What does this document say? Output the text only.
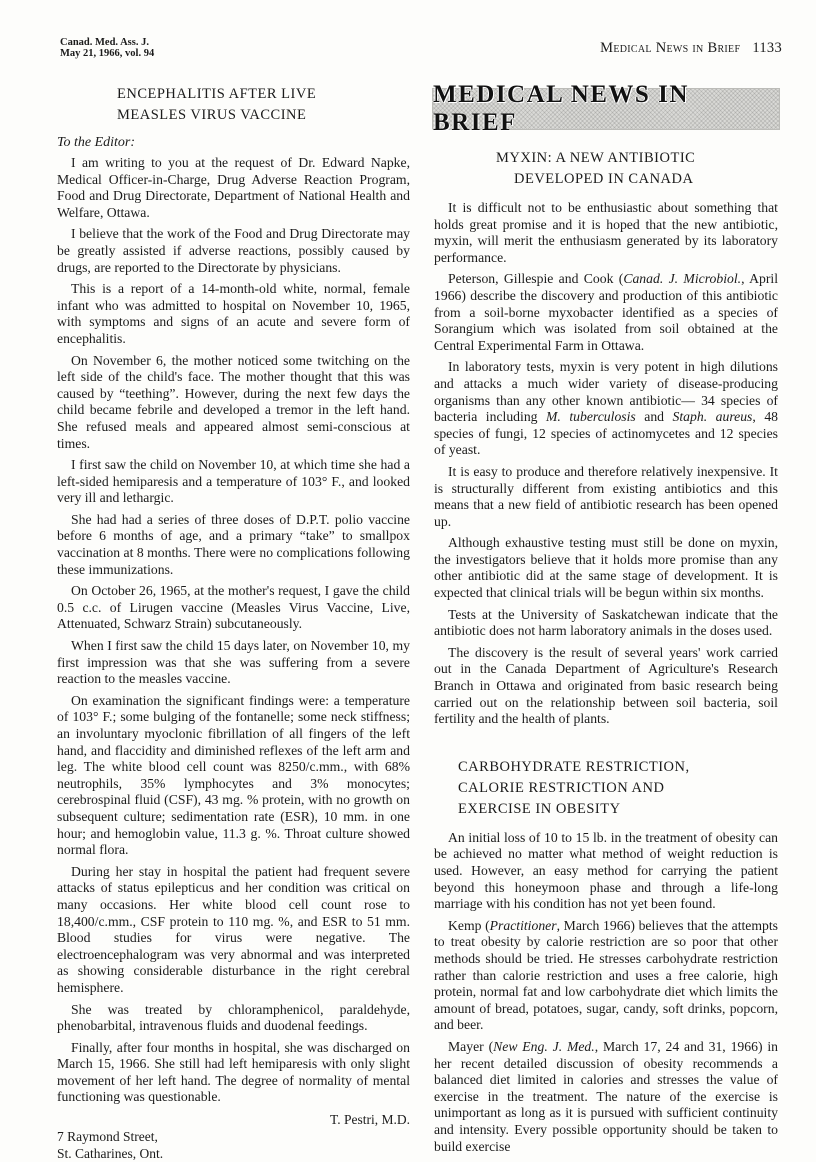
Canad. Med. Ass. J.
May 21, 1966, vol. 94	Medical News in Brief 1133
ENCEPHALITIS AFTER LIVE
MEASLES VIRUS VACCINE
To the Editor:

I am writing to you at the request of Dr. Edward Napke, Medical Officer-in-Charge, Drug Adverse Reaction Program, Food and Drug Directorate, Department of National Health and Welfare, Ottawa.

I believe that the work of the Food and Drug Directorate may be greatly assisted if adverse reactions, possibly caused by drugs, are reported to the Directorate by physicians.

This is a report of a 14-month-old white, normal, female infant who was admitted to hospital on November 10, 1965, with symptoms and signs of an acute and severe form of encephalitis.

On November 6, the mother noticed some twitching on the left side of the child's face. The mother thought that this was caused by “teething”. However, during the next few days the child became febrile and developed a tremor in the left hand. She refused meals and appeared almost semi-conscious at times.

I first saw the child on November 10, at which time she had a left-sided hemiparesis and a temperature of 103° F., and looked very ill and lethargic.

She had had a series of three doses of D.P.T. polio vaccine before 6 months of age, and a primary “take” to smallpox vaccination at 8 months. There were no complications following these immunizations.

On October 26, 1965, at the mother's request, I gave the child 0.5 c.c. of Lirugen vaccine (Measles Virus Vaccine, Live, Attenuated, Schwarz Strain) subcutaneously.

When I first saw the child 15 days later, on November 10, my first impression was that she was suffering from a severe reaction to the measles vaccine.

On examination the significant findings were: a temperature of 103° F.; some bulging of the fontanelle; some neck stiffness; an involuntary myoclonic fibrillation of all fingers of the left hand, and flaccidity and diminished reflexes of the left arm and leg. The white blood cell count was 8250/c.mm., with 68% neutrophils, 35% lymphocytes and 3% monocytes; cerebrospinal fluid (CSF), 43 mg. % protein, with no growth on subsequent culture; sedimentation rate (ESR), 10 mm. in one hour; and hemoglobin value, 11.3 g. %. Throat culture showed normal flora.

During her stay in hospital the patient had frequent severe attacks of status epilepticus and her condition was critical on many occasions. Her white blood cell count rose to 18,400/c.mm., CSF protein to 110 mg. %, and ESR to 51 mm. Blood studies for virus were negative. The electroencephalogram was very abnormal and was interpreted as showing considerable disturbance in the right cerebral hemisphere.

She was treated by chloramphenicol, paraldehyde, phenobarbital, intravenous fluids and duodenal feedings.

Finally, after four months in hospital, she was discharged on March 15, 1966. She still had left hemiparesis with only slight movement of her left hand. The degree of normality of mental functioning was questionable.

T. Pestri, M.D.
7 Raymond Street,
St. Catharines, Ont.
MEDICAL NEWS IN BRIEF
MYXIN: A NEW ANTIBIOTIC
DEVELOPED IN CANADA

It is difficult not to be enthusiastic about something that holds great promise and it is hoped that the new antibiotic, myxin, will merit the enthusiasm generated by its laboratory performance.

Peterson, Gillespie and Cook (Canad. J. Microbiol., April 1966) describe the discovery and production of this antibiotic from a soil-borne myxobacter identified as a species of Sorangium which was isolated from soil obtained at the Central Experimental Farm in Ottawa.

In laboratory tests, myxin is very potent in high dilutions and attacks a much wider variety of disease-producing organisms than any other known antibiotic— 34 species of bacteria including M. tuberculosis and Staph. aureus, 48 species of fungi, 12 species of actinomycetes and 12 species of yeast.

It is easy to produce and therefore relatively inexpensive. It is structurally different from existing antibiotics and this means that a new field of antibiotic research has been opened up.

Although exhaustive testing must still be done on myxin, the investigators believe that it holds more promise than any other antibiotic did at the same stage of development. It is expected that clinical trials will be begun within six months.

Tests at the University of Saskatchewan indicate that the antibiotic does not harm laboratory animals in the doses used.

The discovery is the result of several years' work carried out in the Canada Department of Agriculture's Research Branch in Ottawa and originated from basic research being carried out on the relationship between soil bacteria, soil fertility and the health of plants.

CARBOHYDRATE RESTRICTION,
CALORIE RESTRICTION AND
EXERCISE IN OBESITY

An initial loss of 10 to 15 lb. in the treatment of obesity can be achieved no matter what method of weight reduction is used. However, an easy method for carrying the patient beyond this honeymoon phase and through a life-long marriage with his condition has not yet been found.

Kemp (Practitioner, March 1966) believes that the attempts to treat obesity by calorie restriction are so poor that other methods should be tried. He stresses carbohydrate restriction rather than calorie restriction and uses a free calorie, high protein, normal fat and low carbohydrate diet which limits the amount of bread, potatoes, sugar, candy, soft drinks, popcorn, and beer.

Mayer (New Eng. J. Med., March 17, 24 and 31, 1966) in her recent detailed discussion of obesity recommends a balanced diet limited in calories and stresses the value of exercise in the treatment. The nature of the exercise is unimportant as long as it is pursued with sufficient continuity and intensity. Every possible opportunity should be taken to build exercise
